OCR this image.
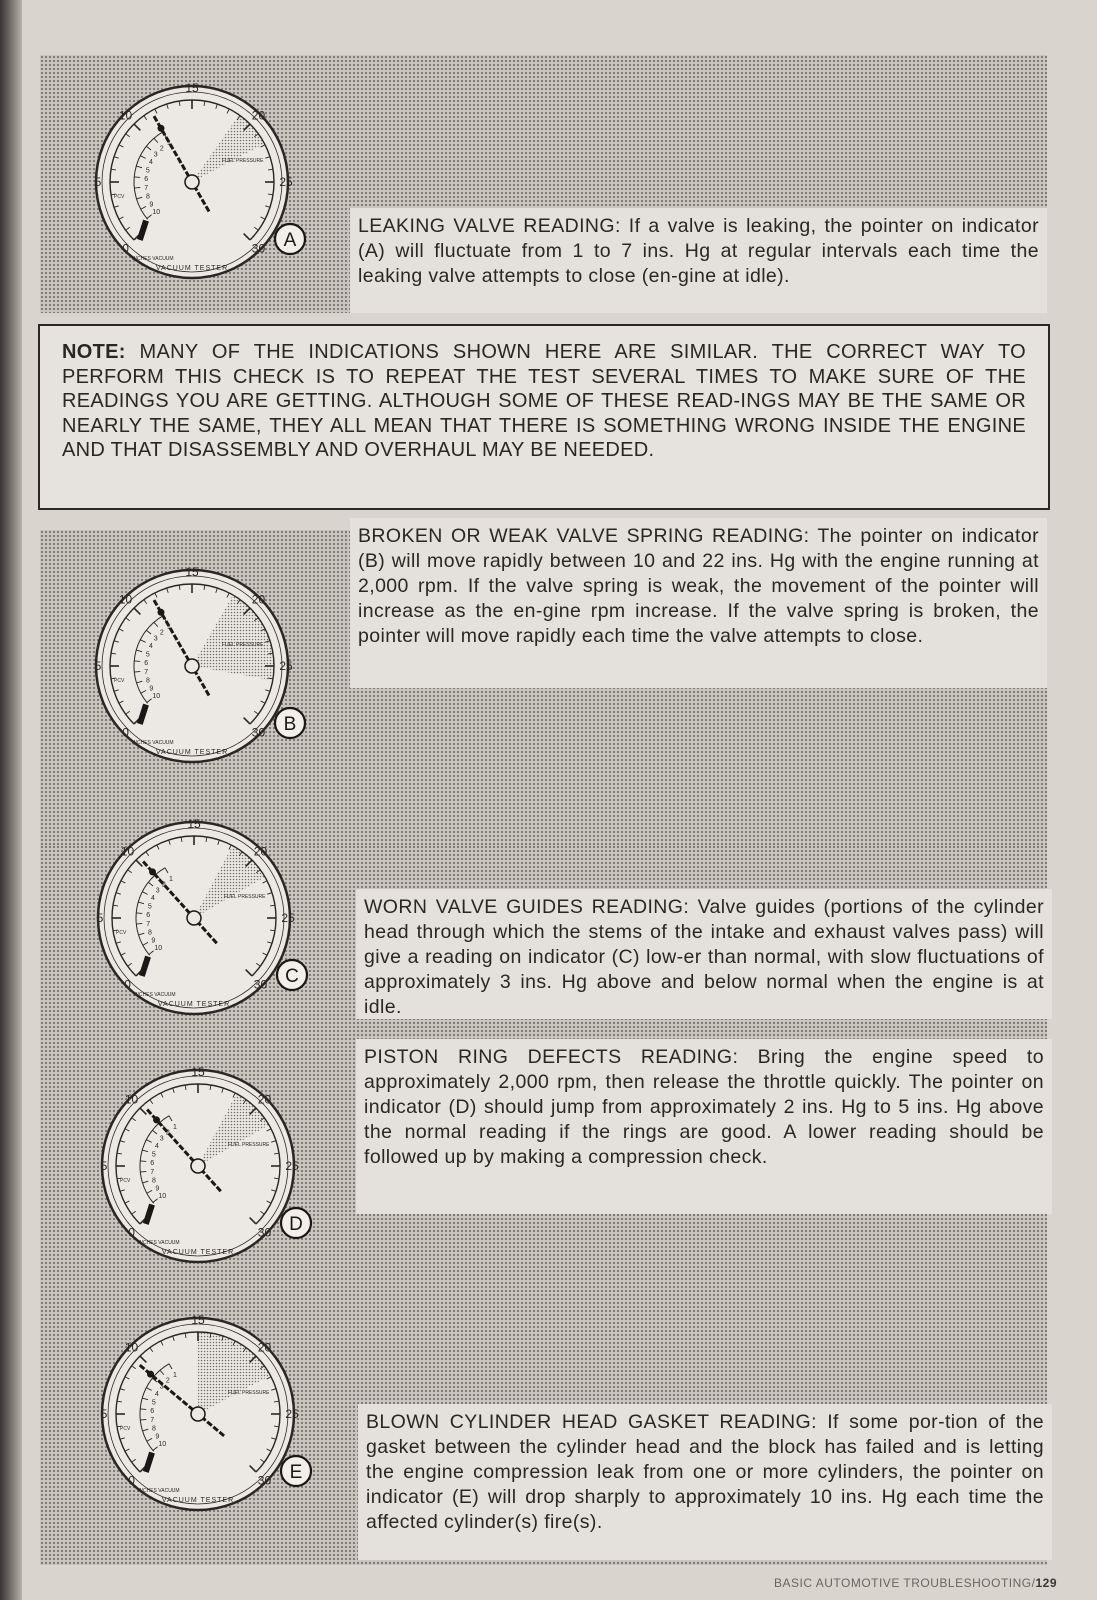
LEAKING VALVE READING: If a valve is leaking, the pointer on indicator (A) will fluctuate from 1 to 7 ins. Hg at regular intervals each time the leaking valve attempts to close (en-gine at idle).
0
5
10
15
20
25
30
1
2
3
4
5
6
7
8
9
10
PCV
INCHES VACUUM
FUEL PRESSURE
VACUUM TESTER
A
NOTE: MANY OF THE INDICATIONS SHOWN HERE ARE SIMILAR. THE CORRECT WAY TO PERFORM THIS CHECK IS TO REPEAT THE TEST SEVERAL TIMES TO MAKE SURE OF THE READINGS YOU ARE GETTING. ALTHOUGH SOME OF THESE READ-INGS MAY BE THE SAME OR NEARLY THE SAME, THEY ALL MEAN THAT THERE IS SOMETHING WRONG INSIDE THE ENGINE AND THAT DISASSEMBLY AND OVERHAUL MAY BE NEEDED.
BROKEN OR WEAK VALVE SPRING READING: The pointer on indicator (B) will move rapidly between 10 and 22 ins. Hg with the engine running at 2,000 rpm. If the valve spring is weak, the movement of the pointer will increase as the en-gine rpm increase. If the valve spring is broken, the pointer will move rapidly each time the valve attempts to close.
0
5
10
15
20
25
30
1
2
3
4
5
6
7
8
9
10
PCV
INCHES VACUUM
FUEL PRESSURE
VACUUM TESTER
B
WORN VALVE GUIDES READING: Valve guides (portions of the cylinder head through which the stems of the intake and exhaust valves pass) will give a reading on indicator (C) low-er than normal, with slow fluctuations of approximately 3 ins. Hg above and below normal when the engine is at idle.
PISTON RING DEFECTS READING: Bring the engine speed to approximately 2,000 rpm, then release the throttle quickly. The pointer on indicator (D) should jump from approximately 2 ins. Hg to 5 ins. Hg above the normal reading if the rings are good. A lower reading should be followed up by making a compression check.
0
5
10
15
20
25
30
1
2
3
4
5
6
7
8
9
10
PCV
INCHES VACUUM
FUEL PRESSURE
VACUUM TESTER
C
0
5
10
15
20
25
30
1
2
3
4
5
6
7
8
9
10
PCV
INCHES VACUUM
FUEL PRESSURE
VACUUM TESTER
D
BLOWN CYLINDER HEAD GASKET READING: If some por-tion of the gasket between the cylinder head and the block has failed and is letting the engine compression leak from one or more cylinders, the pointer on indicator (E) will drop sharply to approximately 10 ins. Hg each time the affected cylinder(s) fire(s).
0
5
10
15
20
25
30
1
2
3
4
5
6
7
8
9
10
PCV
INCHES VACUUM
FUEL PRESSURE
VACUUM TESTER
E
BASIC AUTOMOTIVE TROUBLESHOOTING/129
